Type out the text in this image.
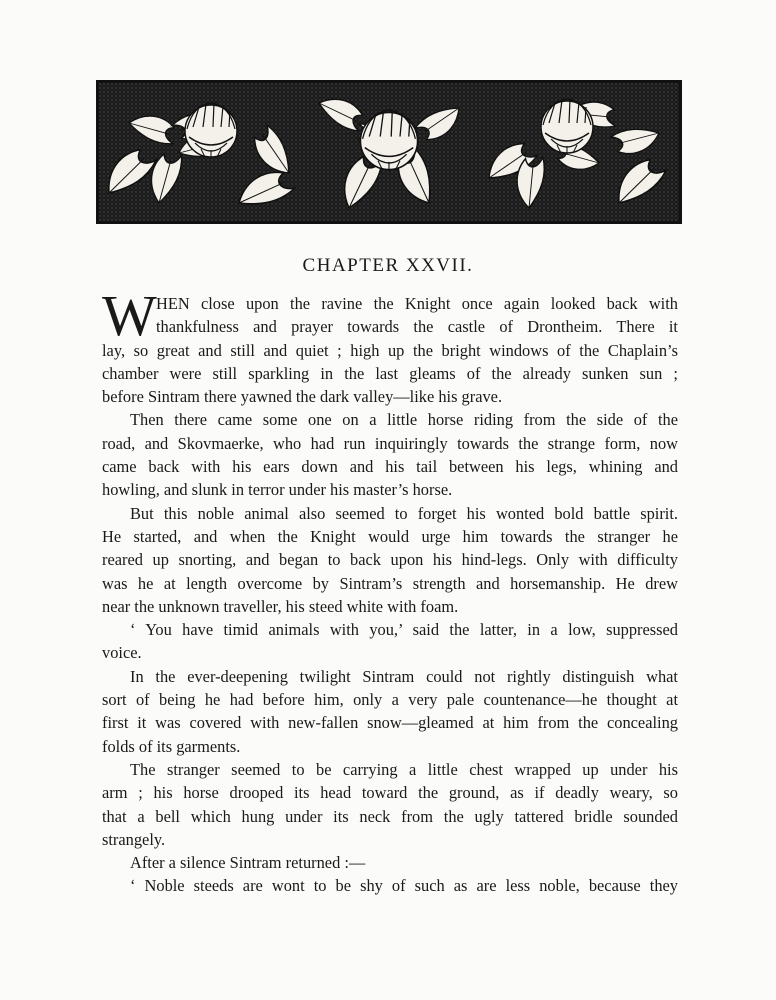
CHAPTER XXVII.
W HEN close upon the ravine the Knight once again looked back with
thankfulness and prayer towards the castle of Drontheim. There it
lay, so great and still and quiet ; high up the bright windows of the Chaplain’s
chamber were still sparkling in the last gleams of the already sunken sun ;
before Sintram there yawned the dark valley—like his grave.
Then there came some one on a little horse riding from the side of the
road, and Skovmaerke, who had run inquiringly towards the strange form, now
came back with his ears down and his tail between his legs, whining and
howling, and slunk in terror under his master’s horse.
But this noble animal also seemed to forget his wonted bold battle spirit.
He started, and when the Knight would urge him towards the stranger he
reared up snorting, and began to back upon his hind-legs. Only with difficulty
was he at length overcome by Sintram’s strength and horsemanship. He drew
near the unknown traveller, his steed white with foam.
‘ You have timid animals with you,’ said the latter, in a low, suppressed
voice.
In the ever-deepening twilight Sintram could not rightly distinguish what
sort of being he had before him, only a very pale countenance—he thought at
first it was covered with new-fallen snow—gleamed at him from the concealing
folds of its garments.
The stranger seemed to be carrying a little chest wrapped up under his
arm ; his horse drooped its head toward the ground, as if deadly weary, so
that a bell which hung under its neck from the ugly tattered bridle sounded
strangely.
After a silence Sintram returned :—
‘ Noble steeds are wont to be shy of such as are less noble, because they
